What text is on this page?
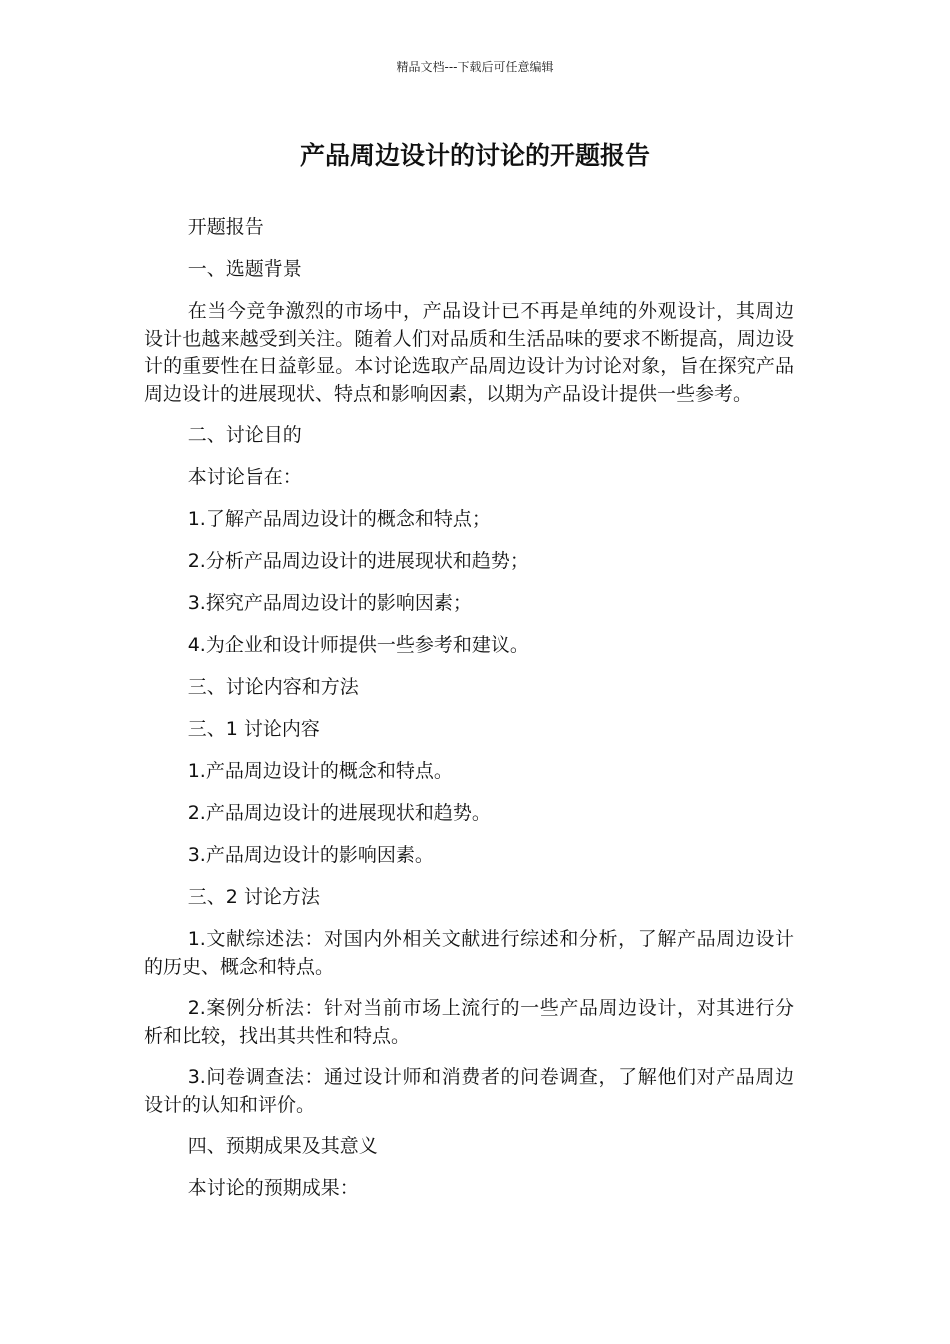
精品文档---下载后可任意编辑
产品周边设计的讨论的开题报告

开题报告

一、选题背景

在当今竞争激烈的市场中，产品设计已不再是单纯的外观设计，其周边设计也越来越受到关注。随着人们对品质和生活品味的要求不断提高，周边设计的重要性在日益彰显。本讨论选取产品周边设计为讨论对象，旨在探究产品周边设计的进展现状、特点和影响因素，以期为产品设计提供一些参考。

二、讨论目的

本讨论旨在：

1.了解产品周边设计的概念和特点；

2.分析产品周边设计的进展现状和趋势；

3.探究产品周边设计的影响因素；

4.为企业和设计师提供一些参考和建议。

三、讨论内容和方法

三、1 讨论内容

1.产品周边设计的概念和特点。

2.产品周边设计的进展现状和趋势。

3.产品周边设计的影响因素。

三、2 讨论方法

1.文献综述法：对国内外相关文献进行综述和分析，了解产品周边设计的历史、概念和特点。

2.案例分析法：针对当前市场上流行的一些产品周边设计，对其进行分析和比较，找出其共性和特点。

3.问卷调查法：通过设计师和消费者的问卷调查，了解他们对产品周边设计的认知和评价。

四、预期成果及其意义

本讨论的预期成果：
